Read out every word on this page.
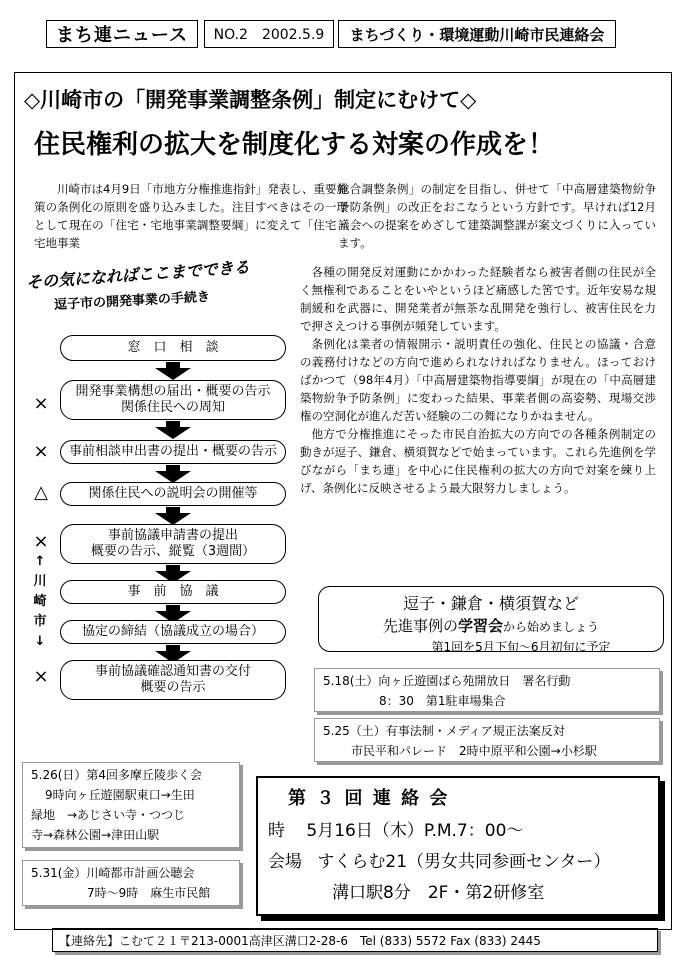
まち連ニュース	NO.2　2002.5.9	まちづくり・環境運動川崎市民連絡会
◇川崎市の「開発事業調整条例」制定にむけて◇
住民権利の拡大を制度化する対案の作成を！
川崎市は4月9日「市地方分権推進指針」発表し、重要施策の条例化の原則を盛り込みました。注目すべきはその一環として現在の「住宅・宅地事業調整要綱」に変えて「住宅・宅地事業
総合調整条例」の制定を目指し、併せて「中高層建築物紛争予防条例」の改正をおこなうという方針です。早ければ12月議会への提案をめざして建築調整課が案文づくりに入っています。

各種の開発反対運動にかかわった経験者なら被害者側の住民が全く無権利であることをいやというほど痛感した筈です。近年安易な規制緩和を武器に、開発業者が無茶な乱開発を強行し、被害住民を力で押さえつける事例が頻発しています。

条例化は業者の情報開示・説明責任の強化、住民との協議・合意の義務付けなどの方向で進められなければなりません。ほっておけばかつて（98年4月）「中高層建築物指導要綱」が現在の「中高層建築物紛争予防条例」に変わった結果、事業者側の高姿勢、現場交渉権の空洞化が進んだ苦い経験の二の舞になりかねません。

他方で分権推進にそった市民自治拡大の方向での各種条例制定の動きが逗子、鎌倉、横須賀などで始まっています。これら先進例を学びながら「まち連」を中心に住民権利の拡大の方向で対案を練り上げ、条例化に反映させるよう最大限努力しましょう。

その気になればここまでできる
逗子市の開発事業の手続き
窓　口　相　談
開発事業構想の届出・概要の告示
関係住民への周知
事前相談申出書の提出・概要の告示
関係住民への説明会の開催等
事前協議申請書の提出
概要の告示、縦覧（3週間）
事　前　協　議
協定の締結（協議成立の場合）
事前協議確認通知書の交付
概要の告示
×
×
△
×
×
↑
川
崎
市
↓
逗子・鎌倉・横須賀など
先進事例の学習会から始めましょう
第1回を5月下旬～6月初旬に予定
5.18(土）向ヶ丘遊園ばら苑開放日　署名行動
8：30　第1駐車場集合
5.25（土）有事法制・メディア規正法案反対
市民平和パレード　2時中原平和公園→小杉駅
5.26(日）第4回多摩丘陵歩く会
9時向ヶ丘遊園駅東口→生田
緑地　→あじさい寺・つつじ
寺→森林公園→津田山駅
5.31(金）川崎都市計画公聴会
7時～9時　麻生市民館
第 ３ 回 連 絡 会
時 5月16日（木）P.M.7：00～
会場 すくらむ21（男女共同参画センター）
溝口駅8分　2F・第2研修室
【連絡先】こむて２１〒213-0001高津区溝口2-28-6　Tel (833) 5572 Fax (833) 2445
